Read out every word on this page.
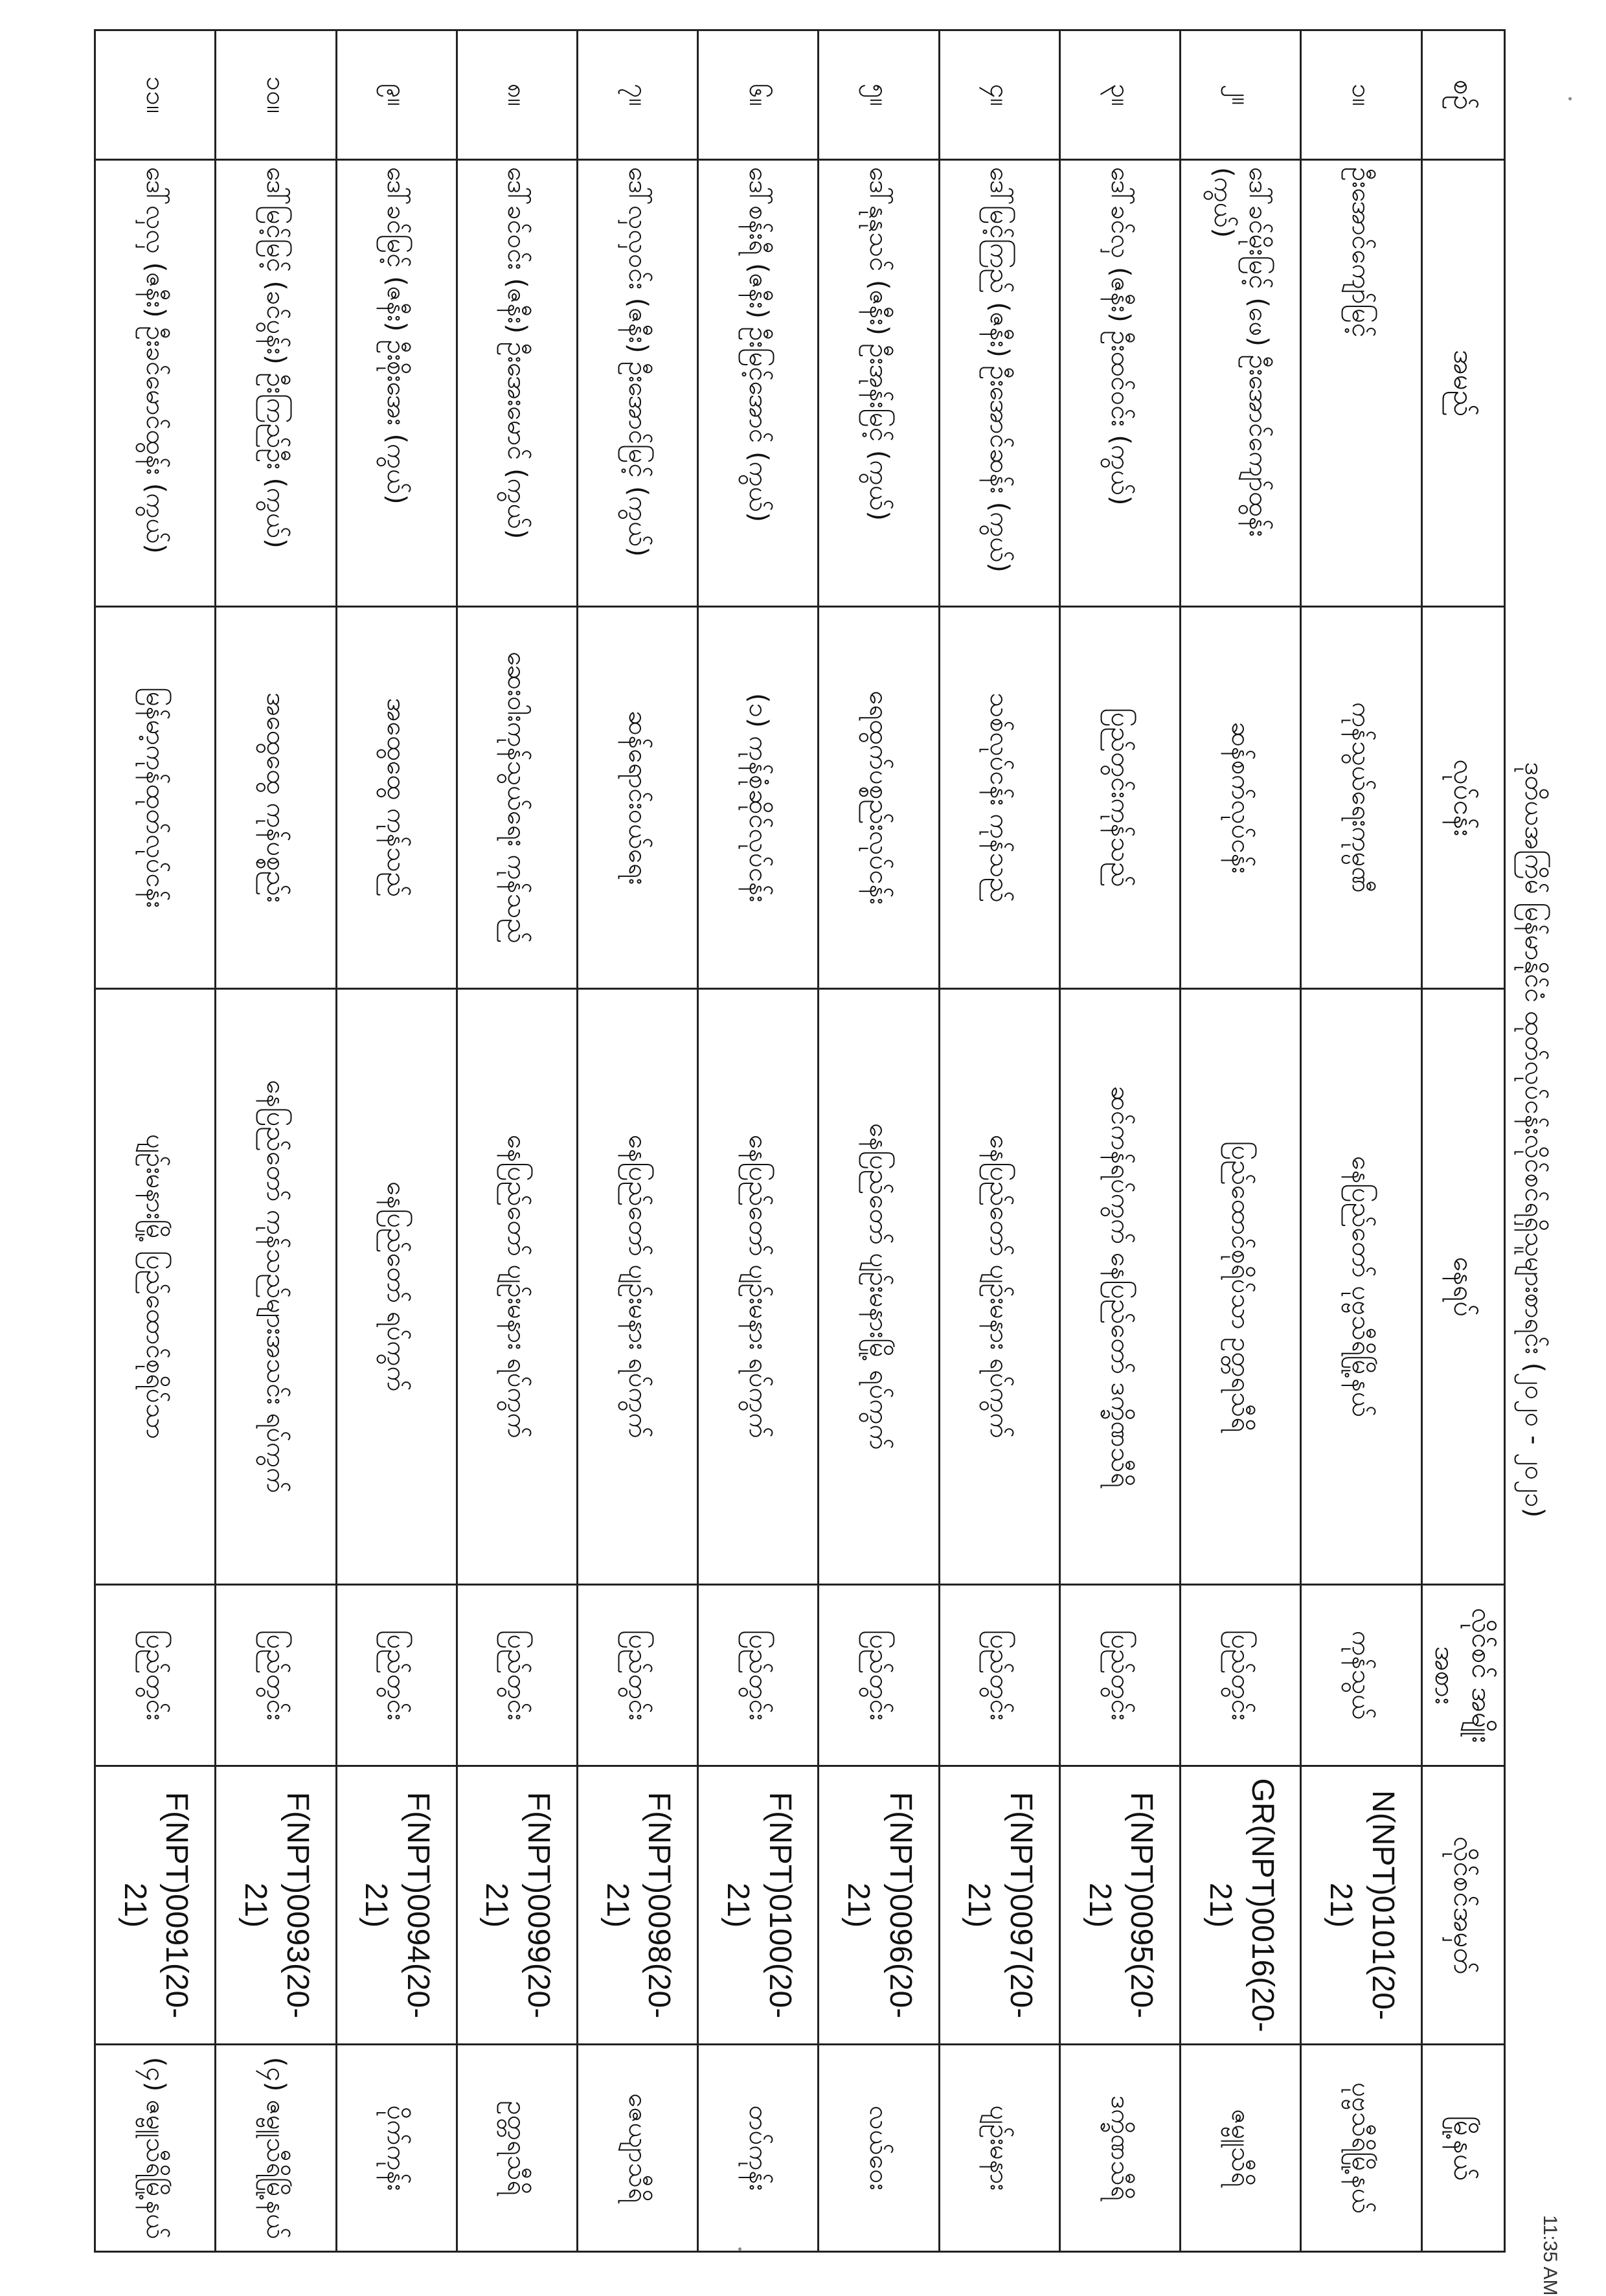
ဒုတိယအကြိမ် မြန်မာနိုင်ငံ ထုတ်လုပ်ငန်းလိုင်စင်ရရှိသူများစာရင်း (၂၀၂၀ - ၂၀၂၁)
စဉ်	အမည်	လုပ်ငန်း	နေရပ်	လိုင်စင် အမျိုးအစား	လိုင်စင်အမှတ်	မြို့နယ်
၁။	ဦးအောင်ကျော်မြင့်	ကုန်သွယ်ရေးကုမ္ပဏီ	နေပြည်တော် ပုဗ္ဗသီရိမြို့နယ်	ကုန်သွယ်	N(NPT)0101(20-21)	ပုဗ္ဗသီရိမြို့နယ်
၂။	ဒေါ်ခင်မိုးမြင့် (ဖေ) ဦးအောင်ကျော်ထွန်း (ကွယ်)	ဆန်စက်လုပ်ငန်း	ပြည်ထောင်စုရိပ်သာ ဥတ္တရသီရိ	ပြည်တွင်း	GR(NPT)0016(20-21)	ဇမ္ဗူသီရိ
၃။	ဒေါ်ခင်လှ (ဇနီး) ဦးထင်ဝင်း (ကွယ်)	ပြည်တွင်းကုန်သည်	ဆင်ကန်ရပ်ကွက် နေပြည်တော် ဒက္ခိဏသီရိ	ပြည်တွင်း	F(NPT)0095(20-21)	ဒက္ခိဏသီရိ
၄။	ဒေါ်မြင့်ကြည် (ဇနီး) ဦးအောင်ဆန်း (ကွယ်)	သစ်လုပ်ငန်း ကုန်သည်	နေပြည်တော် ပျဉ်းမနား ရပ်ကွက်	ပြည်တွင်း	F(NPT)0097(20-21)	ပျဉ်းမနား
၅။	ဒေါ်နုနုသင် (ဇနီး) ဦးအုန်းမြင့် (ကွယ်)	ရေထွက်ပစ္စည်းလုပ်ငန်း	နေပြည်တော် ပျဉ်းမနားမြို့ ရပ်ကွက်	ပြည်တွင်း	F(NPT)0096(20-21)	လယ်ဝေး
၆။	ဒေါ်စန်းရီ (ဇနီး) ဦးမြင့်အောင် (ကွယ်)	(၁) ကုန်စုံဆိုင်လုပ်ငန်း	နေပြည်တော် ပျဉ်းမနား ရပ်ကွက်	ပြည်တွင်း	F(NPT)0100(20-21)	တပ်ကုန်း
၇။	ဒေါ်လှလှဝင်း (ဇနီး) ဦးအောင်မြင့် (ကွယ်)	ဆန်ရောင်းဝယ်ရေး	နေပြည်တော် ပျဉ်းမနား ရပ်ကွက်	ပြည်တွင်း	F(NPT)0098(20-21)	ဇေယျာသီရိ
၈။	ဒေါ်ခင်ဝင်း (ဇနီး) ဦးအေးမောင် (ကွယ်)	ဆေးဝါးကုန်သွယ်ရေး ကုန်သည်	နေပြည်တော် ပျဉ်းမနား ရပ်ကွက်	ပြည်တွင်း	F(NPT)0099(20-21)	ဥတ္တရသီရိ
၉။	ဒေါ်ခင်မြင့် (ဇနီး) ဦးစိုးအေး (ကွယ်)	အထွေထွေ ကုန်သည်	နေပြည်တော် ရပ်ကွက်	ပြည်တွင်း	F(NPT)0094(20-21)	ပိုက်ကုန်း
၁၀။	ဒေါ်မြင့်မြင့် (ခင်ပွန်း) ဦးကြည်ဦး (ကွယ်)	အထွေထွေ ကုန်ပစ္စည်း	နေပြည်တော် ကုန်သည်များအသင်း ရပ်ကွက်	ပြည်တွင်း	F(NPT)0093(20-21)	(၄) ဇမ္ဗူသီရိမြို့နယ်
၁၁။	ဒေါ်လှလှ (ဇနီး) ဦးခင်မောင်ထွန်း (ကွယ်)	မြန်မာ့ကုန်ထုတ်လုပ်ငန်း	ပျဉ်းမနားမြို့ ပြည်ထောင်စုရိပ်သာ	ပြည်တွင်း	F(NPT)0091(20-21)	(၄) ဇမ္ဗူသီရိမြို့နယ်
11:35 AM
